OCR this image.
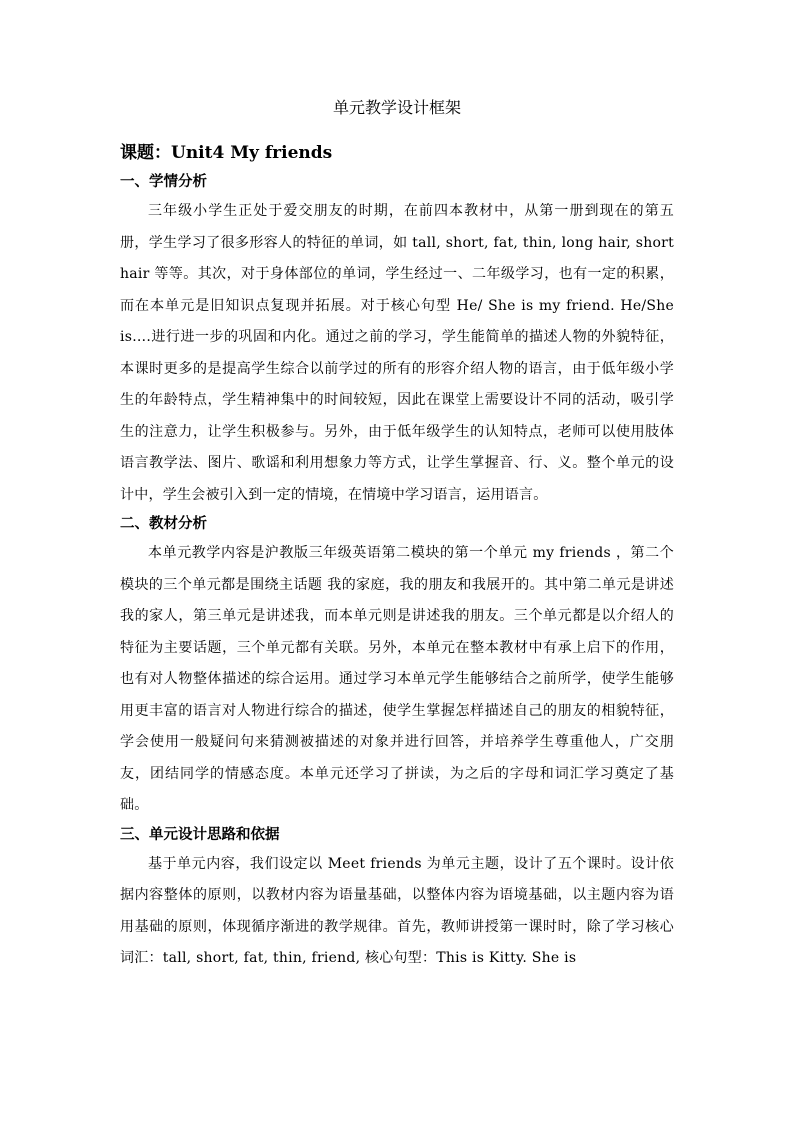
单元教学设计框架
课题：Unit4 My friends
一、学情分析

三年级小学生正处于爱交朋友的时期，在前四本教材中，从第一册到现在的第五册，学生学习了很多形容人的特征的单词，如 tall, short, fat, thin, long hair, short hair 等等。其次，对于身体部位的单词，学生经过一、二年级学习，也有一定的积累，而在本单元是旧知识点复现并拓展。对于核心句型 He/ She is my friend. He/She is….进行进一步的巩固和内化。通过之前的学习，学生能简单的描述人物的外貌特征，本课时更多的是提高学生综合以前学过的所有的形容介绍人物的语言，由于低年级小学生的年龄特点，学生精神集中的时间较短，因此在课堂上需要设计不同的活动，吸引学生的注意力，让学生积极参与。另外，由于低年级学生的认知特点，老师可以使用肢体语言教学法、图片、歌谣和利用想象力等方式，让学生掌握音、行、义。整个单元的设计中，学生会被引入到一定的情境，在情境中学习语言，运用语言。

二、教材分析

本单元教学内容是沪教版三年级英语第二模块的第一个单元 my friends ，第二个模块的三个单元都是围绕主话题 我的家庭，我的朋友和我展开的。其中第二单元是讲述我的家人，第三单元是讲述我，而本单元则是讲述我的朋友。三个单元都是以介绍人的特征为主要话题，三个单元都有关联。另外，本单元在整本教材中有承上启下的作用，也有对人物整体描述的综合运用。通过学习本单元学生能够结合之前所学，使学生能够用更丰富的语言对人物进行综合的描述，使学生掌握怎样描述自己的朋友的相貌特征，学会使用一般疑问句来猜测被描述的对象并进行回答，并培养学生尊重他人，广交朋友，团结同学的情感态度。本单元还学习了拼读，为之后的字母和词汇学习奠定了基础。

三、单元设计思路和依据

基于单元内容，我们设定以 Meet friends 为单元主题，设计了五个课时。设计依据内容整体的原则，以教材内容为语量基础，以整体内容为语境基础，以主题内容为语用基础的原则，体现循序渐进的教学规律。首先，教师讲授第一课时时，除了学习核心词汇：tall, short, fat, thin, friend, 核心句型：This is Kitty. She is
